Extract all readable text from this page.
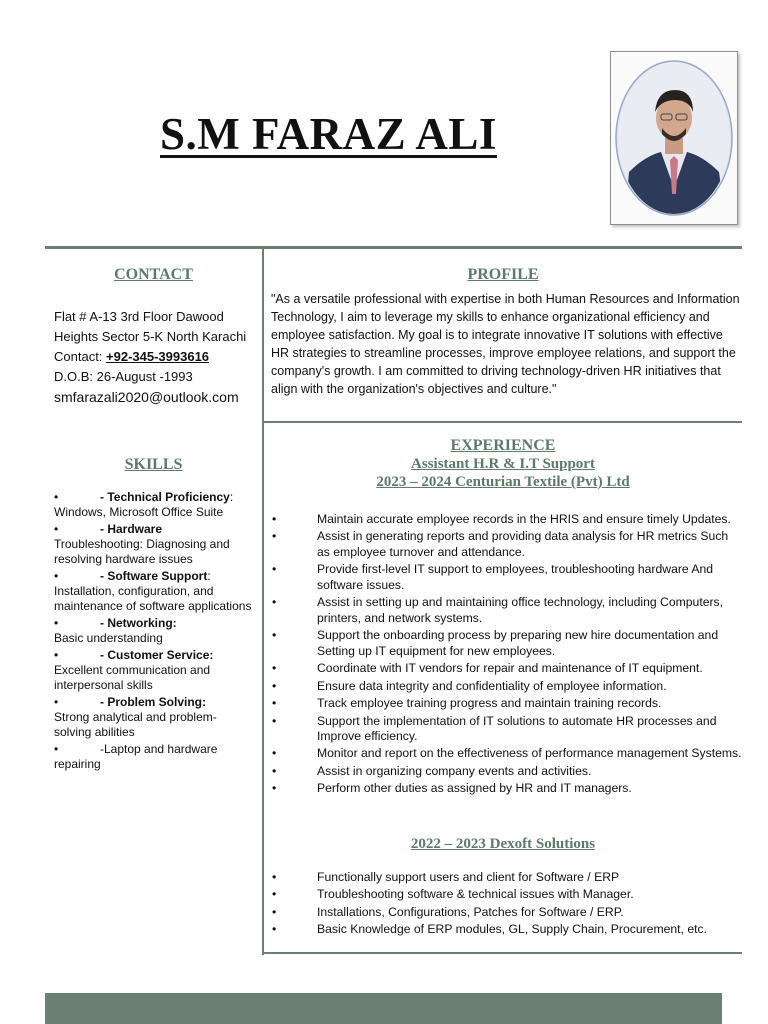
S.M FARAZ ALI
CONTACT
Flat # A-13 3rd Floor Dawood
Heights Sector 5-K North Karachi
Contact: +92-345-3993616
D.O.B: 26-August -1993
smfarazali2020@outlook.com
SKILLS
•	- Technical Proficiency:
Windows, Microsoft Office Suite
•	- Hardware
Troubleshooting: Diagnosing and resolving hardware issues
•	- Software Support:
Installation, configuration, and maintenance of software applications
•	- Networking:
Basic understanding
•	- Customer Service:
Excellent communication and interpersonal skills
•	- Problem Solving:
Strong analytical and problem-solving abilities
•	-Laptop and hardware repairing
PROFILE
"As a versatile professional with expertise in both Human Resources and Information Technology, I aim to leverage my skills to enhance organizational efficiency and employee satisfaction. My goal is to integrate innovative IT solutions with effective HR strategies to streamline processes, improve employee relations, and support the company's growth. I am committed to driving technology-driven HR initiatives that align with the organization's objectives and culture."
EXPERIENCE
Assistant H.R & I.T Support
2023 – 2024 Centurian Textile (Pvt) Ltd
•	Maintain accurate employee records in the HRIS and ensure timely Updates.
•	Assist in generating reports and providing data analysis for HR metrics Such as employee turnover and attendance.
•	Provide first-level IT support to employees, troubleshooting hardware And software issues.
•	Assist in setting up and maintaining office technology, including Computers, printers, and network systems.
•	Support the onboarding process by preparing new hire documentation and Setting up IT equipment for new employees.
•	Coordinate with IT vendors for repair and maintenance of IT equipment.
•	Ensure data integrity and confidentiality of employee information.
•	Track employee training progress and maintain training records.
•	Support the implementation of IT solutions to automate HR processes and Improve efficiency.
•	Monitor and report on the effectiveness of performance management Systems.
•	Assist in organizing company events and activities.
•	Perform other duties as assigned by HR and IT managers.
2022 – 2023 Dexoft Solutions
•	Functionally support users and client for Software / ERP
•	Troubleshooting software & technical issues with Manager.
•	Installations, Configurations, Patches for Software / ERP.
•	Basic Knowledge of ERP modules, GL, Supply Chain, Procurement, etc.
